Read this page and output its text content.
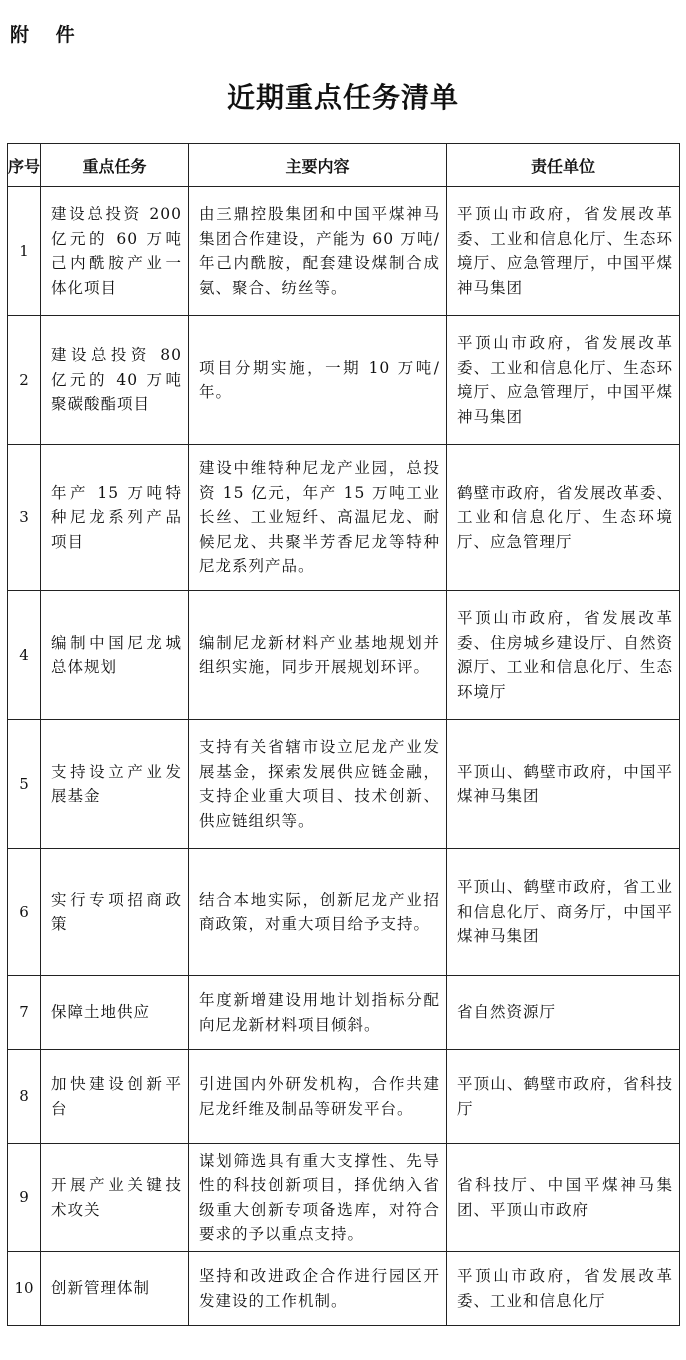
附 件
近期重点任务清单
序号	重点任务	主要内容	责任单位
1	建设总投资 200 亿元的 60 万吨己内酰胺产业一体化项目	由三鼎控股集团和中国平煤神马集团合作建设，产能为 60 万吨/年己内酰胺，配套建设煤制合成氨、聚合、纺丝等。	平顶山市政府，省发展改革委、工业和信息化厅、生态环境厅、应急管理厅，中国平煤神马集团
2	建设总投资 80 亿元的 40 万吨聚碳酸酯项目	项目分期实施，一期 10 万吨/年。	平顶山市政府，省发展改革委、工业和信息化厅、生态环境厅、应急管理厅，中国平煤神马集团
3	年产 15 万吨特种尼龙系列产品项目	建设中维特种尼龙产业园，总投资 15 亿元，年产 15 万吨工业长丝、工业短纤、高温尼龙、耐候尼龙、共聚半芳香尼龙等特种尼龙系列产品。	鹤壁市政府，省发展改革委、工业和信息化厅、生态环境厅、应急管理厅
4	编制中国尼龙城总体规划	编制尼龙新材料产业基地规划并组织实施，同步开展规划环评。	平顶山市政府，省发展改革委、住房城乡建设厅、自然资源厅、工业和信息化厅、生态环境厅
5	支持设立产业发展基金	支持有关省辖市设立尼龙产业发展基金，探索发展供应链金融，支持企业重大项目、技术创新、供应链组织等。	平顶山、鹤壁市政府，中国平煤神马集团
6	实行专项招商政策	结合本地实际，创新尼龙产业招商政策，对重大项目给予支持。	平顶山、鹤壁市政府，省工业和信息化厅、商务厅，中国平煤神马集团
7	保障土地供应	年度新增建设用地计划指标分配向尼龙新材料项目倾斜。	省自然资源厅
8	加快建设创新平台	引进国内外研发机构，合作共建尼龙纤维及制品等研发平台。	平顶山、鹤壁市政府，省科技厅
9	开展产业关键技术攻关	谋划筛选具有重大支撑性、先导性的科技创新项目，择优纳入省级重大创新专项备选库，对符合要求的予以重点支持。	省科技厅、中国平煤神马集团、平顶山市政府
10	创新管理体制	坚持和改进政企合作进行园区开发建设的工作机制。	平顶山市政府，省发展改革委、工业和信息化厅
